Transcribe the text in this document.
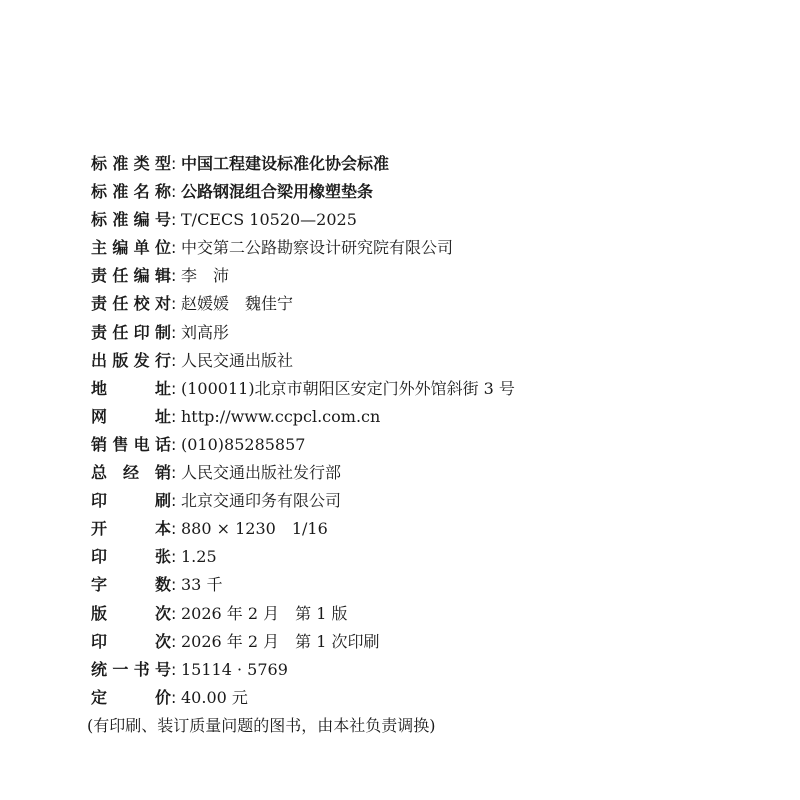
标准类型 : 中国工程建设标准化协会标准
标准名称 : 公路钢混组合梁用橡塑垫条
标准编号 : T/CECS 10520—2025
主编单位 : 中交第二公路勘察设计研究院有限公司
责任编辑 : 李　沛
责任校对 : 赵媛媛　魏佳宁
责任印制 : 刘高彤
出版发行 : 人民交通出版社
地址 : (100011)北京市朝阳区安定门外外馆斜街 3 号
网址 : http://www.ccpcl.com.cn
销售电话 : (010)85285857
总经销 : 人民交通出版社发行部
印刷 : 北京交通印务有限公司
开本 : 880 × 1230　1/16
印张 : 1.25
字数 : 33 千
版次 : 2026 年 2 月　第 1 版
印次 : 2026 年 2 月　第 1 次印刷
统一书号 : 15114 · 5769
定价 : 40.00 元
(有印刷、装订质量问题的图书，由本社负责调换)
